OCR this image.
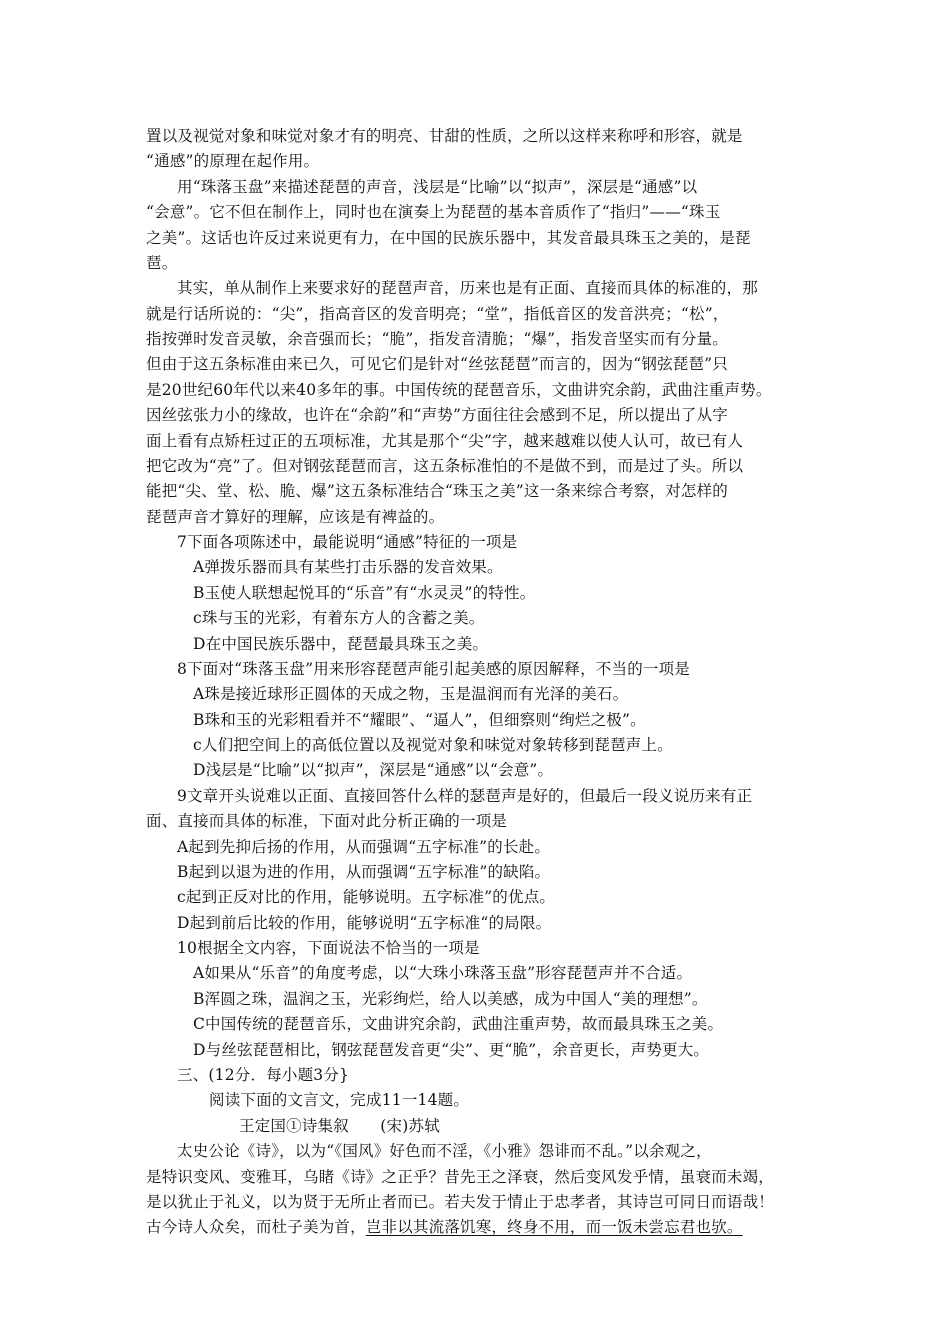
置以及视觉对象和味觉对象才有的明亮、甘甜的性质，之所以这样来称呼和形容，就是
“通感”的原理在起作用。
用“珠落玉盘”来描述琵琶的声音，浅层是“比喻”以“拟声”，深层是“通感”以
“会意”。它不但在制作上，同时也在演奏上为琵琶的基本音质作了“指归”——“珠玉
之美”。这话也许反过来说更有力，在中国的民族乐器中，其发音最具珠玉之美的，是琵
琶。
其实，单从制作上来要求好的琵琶声音，历来也是有正面、直接而具体的标准的，那
就是行话所说的：“尖”，指高音区的发音明亮；“堂”，指低音区的发音洪亮；“松”，
指按弹时发音灵敏，余音强而长；“脆”，指发音清脆；“爆”，指发音坚实而有分量。
但由于这五条标准由来已久，可见它们是针对“丝弦琵琶”而言的，因为“钢弦琵琶”只
是20世纪60年代以来40多年的事。中国传统的琵琶音乐，文曲讲究余韵，武曲注重声势。
因丝弦张力小的缘故，也许在“余韵”和“声势”方面往往会感到不足，所以提出了从字
面上看有点矫枉过正的五项标准，尤其是那个“尖”字，越来越难以使人认可，故已有人
把它改为“亮”了。但对钢弦琵琶而言，这五条标准怕的不是做不到，而是过了头。所以
能把“尖、堂、松、脆、爆”这五条标准结合“珠玉之美”这一条来综合考察，对怎样的
琵琶声音才算好的理解，应该是有裨益的。
7下面各项陈述中，最能说明“通感”特征的一项是
A弹拨乐器而具有某些打击乐器的发音效果。
B玉使人联想起悦耳的“乐音”有“水灵灵”的特性。
c珠与玉的光彩，有着东方人的含蓄之美。
D在中国民族乐器中，琵琶最具珠玉之美。
8下面对“珠落玉盘”用来形容琵琶声能引起美感的原因解释，不当的一项是
A珠是接近球形正圆体的天成之物，玉是温润而有光泽的美石。
B珠和玉的光彩粗看并不“耀眼”、“逼人”，但细察则“绚烂之极”。
c人们把空间上的高低位置以及视觉对象和味觉对象转移到琵琶声上。
D浅层是“比喻”以“拟声”，深层是“通感”以“会意”。
9文章开头说难以正面、直接回答什么样的瑟琶声是好的，但最后一段义说历来有正
面、直接而具体的标准，下面对此分析正确的一项是
A起到先抑后扬的作用，从而强调“五字标准”的长赴。
B起到以退为进的作用，从而强调“五字标准”的缺陷。
c起到正反对比的作用，能够说明。五字标准”的优点。
D起到前后比较的作用，能够说明“五字标准“的局限。
10根据全文内容，下面说法不恰当的一项是
A如果从“乐音”的角度考虑，以“大珠小珠落玉盘”形容琵琶声并不合适。
B浑圆之珠，温润之玉，光彩绚烂，给人以美感，成为中国人“美的理想”。
C中国传统的琵琶音乐，文曲讲究余韵，武曲注重声势，故而最具珠玉之美。
D与丝弦琵琶相比，钢弦琵琶发音更“尖”、更“脆”，余音更长，声势更大。
三、(12分．每小题3分}
阅读下面的文言文，完成11一14题。
王定国①诗集叙　　(宋)苏轼
太史公论《诗》，以为“《国风》好色而不淫，《小雅》怨诽而不乱。”以余观之，
是特识变风、变雅耳，乌睹《诗》之正乎？昔先王之泽衰，然后变风发乎情，虽衰而未竭，
是以犹止于礼义，以为贤于无所止者而已。若夫发于情止于忠孝者，其诗岂可同日而语哉！
古今诗人众矣，而杜子美为首，岂非以其流落饥寒，终身不用，而一饭未尝忘君也欤。
